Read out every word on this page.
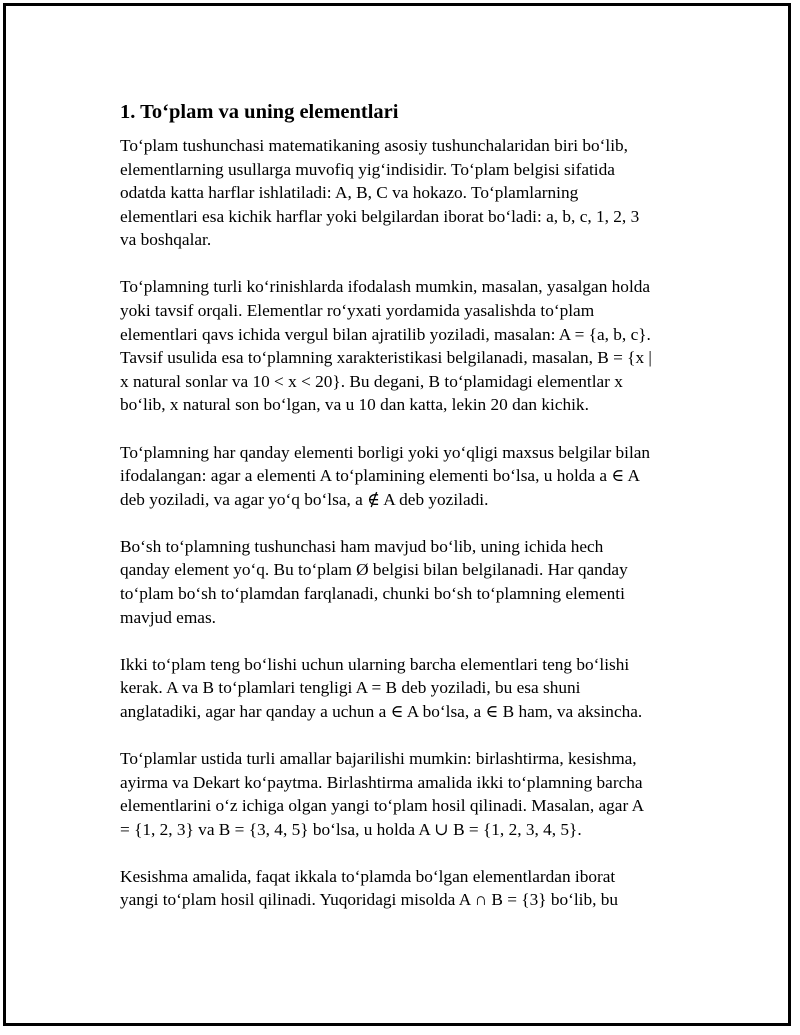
1. To‘plam va uning elementlari

To‘plam tushunchasi matematikaning asosiy tushunchalaridan biri bo‘lib,
elementlarning usullarga muvofiq yig‘indisidir. To‘plam belgisi sifatida
odatda katta harflar ishlatiladi: A, B, C va hokazo. To‘plamlarning
elementlari esa kichik harflar yoki belgilardan iborat bo‘ladi: a, b, c, 1, 2, 3
va boshqalar.

To‘plamning turli ko‘rinishlarda ifodalash mumkin, masalan, yasalgan holda
yoki tavsif orqali. Elementlar ro‘yxati yordamida yasalishda to‘plam
elementlari qavs ichida vergul bilan ajratilib yoziladi, masalan: A = {a, b, c}.
Tavsif usulida esa to‘plamning xarakteristikasi belgilanadi, masalan, B = {x |
x natural sonlar va 10 < x < 20}. Bu degani, B to‘plamidagi elementlar x
bo‘lib, x natural son bo‘lgan, va u 10 dan katta, lekin 20 dan kichik.

To‘plamning har qanday elementi borligi yoki yo‘qligi maxsus belgilar bilan
ifodalangan: agar a elementi A to‘plamining elementi bo‘lsa, u holda a ∈ A
deb yoziladi, va agar yo‘q bo‘lsa, a ∉ A deb yoziladi.

Bo‘sh to‘plamning tushunchasi ham mavjud bo‘lib, uning ichida hech
qanday element yo‘q. Bu to‘plam Ø belgisi bilan belgilanadi. Har qanday
to‘plam bo‘sh to‘plamdan farqlanadi, chunki bo‘sh to‘plamning elementi
mavjud emas.

Ikki to‘plam teng bo‘lishi uchun ularning barcha elementlari teng bo‘lishi
kerak. A va B to‘plamlari tengligi A = B deb yoziladi, bu esa shuni
anglatadiki, agar har qanday a uchun a ∈ A bo‘lsa, a ∈ B ham, va aksincha.

To‘plamlar ustida turli amallar bajarilishi mumkin: birlashtirma, kesishma,
ayirma va Dekart ko‘paytma. Birlashtirma amalida ikki to‘plamning barcha
elementlarini o‘z ichiga olgan yangi to‘plam hosil qilinadi. Masalan, agar A
= {1, 2, 3} va B = {3, 4, 5} bo‘lsa, u holda A ∪ B = {1, 2, 3, 4, 5}.

Kesishma amalida, faqat ikkala to‘plamda bo‘lgan elementlardan iborat
yangi to‘plam hosil qilinadi. Yuqoridagi misolda A ∩ B = {3} bo‘lib, bu
